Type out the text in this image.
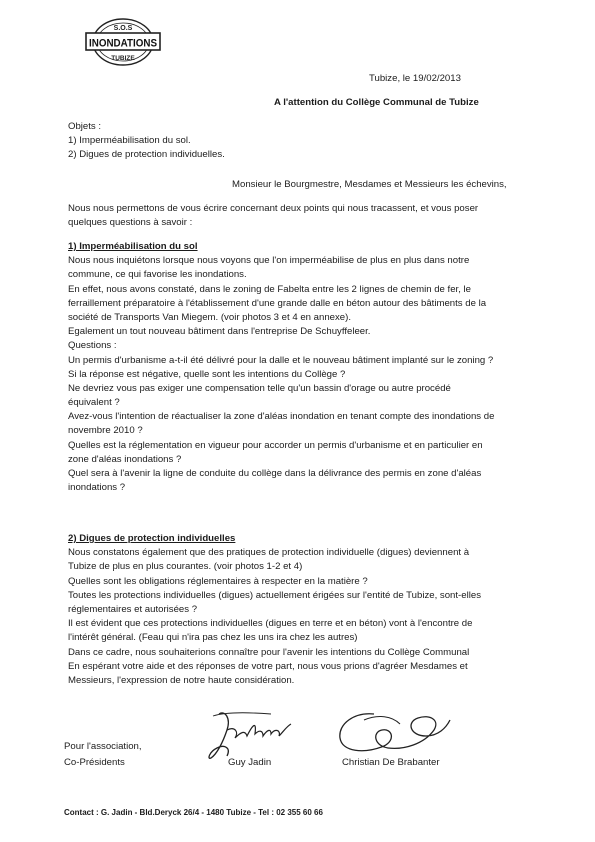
S.O.S
INONDATIONS
TUBIZE
Tubize, le 19/02/2013
A l'attention du Collège Communal de Tubize
Objets :
1) Imperméabilisation du sol.
2) Digues de protection individuelles.
Monsieur le Bourgmestre, Mesdames et Messieurs les échevins,
Nous nous permettons de vous écrire concernant deux points qui nous tracassent, et vous poser
quelques questions à savoir :
1) Imperméabilisation du sol
Nous nous inquiétons lorsque nous voyons que l'on imperméabilise de plus en plus dans notre
commune, ce qui favorise les inondations.
En effet, nous avons constaté, dans le zoning de Fabelta entre les 2 lignes de chemin de fer, le
ferraillement préparatoire à l'établissement d'une grande dalle en béton autour des bâtiments de la
société de Transports Van Miegem. (voir photos 3 et 4 en annexe).
Egalement un tout nouveau bâtiment dans l'entreprise De Schuyffeleer.
Questions :
Un permis d'urbanisme a-t-il été délivré pour la dalle et le nouveau bâtiment implanté sur le zoning ?
Si la réponse est négative, quelle sont les intentions du Collège ?
Ne devriez vous pas exiger une compensation telle qu'un bassin d'orage ou autre procédé
équivalent ?
Avez-vous l'intention de réactualiser la zone d'aléas inondation en tenant compte des inondations de
novembre 2010 ?
Quelles est la réglementation en vigueur pour accorder un permis d'urbanisme et en particulier en
zone d'aléas inondations ?
Quel sera à l'avenir la ligne de conduite du collège dans la délivrance des permis en zone d'aléas
inondations ?
2) Digues de protection individuelles
Nous constatons également que des pratiques de protection individuelle (digues) deviennent à
Tubize de plus en plus courantes. (voir photos 1-2 et 4)
Quelles sont les obligations réglementaires à respecter en la matière ?
Toutes les protections individuelles (digues) actuellement érigées sur l'entité de Tubize, sont-elles
réglementaires et autorisées ?
Il est évident que ces protections individuelles (digues en terre et en béton) vont à l'encontre de
l'intérêt général. (Feau qui n'ira pas chez les uns ira chez les autres)
Dans ce cadre, nous souhaiterions connaître pour l'avenir les intentions du Collège Communal
En espérant votre aide et des réponses de votre part, nous vous prions d'agréer Mesdames et
Messieurs, l'expression de notre haute considération.
Pour l'association,
Co-Présidents	Guy Jadin	Christian De Brabanter
Contact : G. Jadin - Bld.Deryck 26/4 - 1480 Tubize - Tel : 02 355 60 66
